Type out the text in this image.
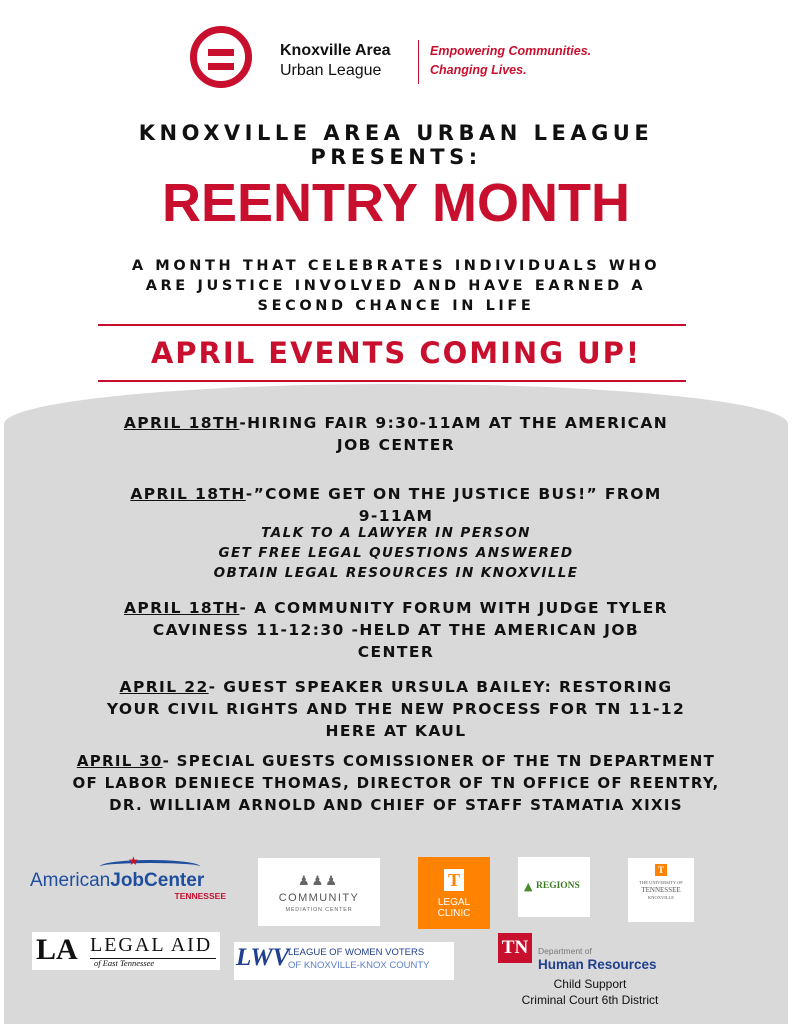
Knoxville Area
Urban League
Empowering Communities.
Changing Lives.
KNOXVILLE AREA URBAN LEAGUE
PRESENTS:
REENTRY MONTH
A MONTH THAT CELEBRATES INDIVIDUALS WHO
ARE JUSTICE INVOLVED AND HAVE EARNED A
SECOND CHANCE IN LIFE
APRIL EVENTS COMING UP!
APRIL 18TH-HIRING FAIR 9:30-11AM AT THE AMERICAN
JOB CENTER
APRIL 18TH-”COME GET ON THE JUSTICE BUS!” FROM
9-11AM
TALK TO A LAWYER IN PERSON
GET FREE LEGAL QUESTIONS ANSWERED
OBTAIN LEGAL RESOURCES IN KNOXVILLE
APRIL 18TH- A COMMUNITY FORUM WITH JUDGE TYLER
CAVINESS 11-12:30 -HELD AT THE AMERICAN JOB
CENTER
APRIL 22- GUEST SPEAKER URSULA BAILEY: RESTORING
YOUR CIVIL RIGHTS AND THE NEW PROCESS FOR TN 11-12
HERE AT KAUL
APRIL 30- SPECIAL GUESTS COMISSIONER OF THE TN DEPARTMENT
OF LABOR DENIECE THOMAS, DIRECTOR OF TN OFFICE OF REENTRY,
DR. WILLIAM ARNOLD AND CHIEF OF STAFF STAMATIA XIXIS
★
AmericanJobCenter
TENNESSEE
♟♟♟
COMMUNITY
MEDIATION CENTER
T
LEGAL
CLINIC
▲ REGIONS
T
THE UNIVERSITY OF
TENNESSEE
KNOXVILLE
LA LEGAL AID
of East Tennessee	LWV
LEAGUE OF WOMEN VOTERS
OF KNOXVILLE-KNOX COUNTY
TN	Department of
Human Resources
Child Support
Criminal Court 6th District
